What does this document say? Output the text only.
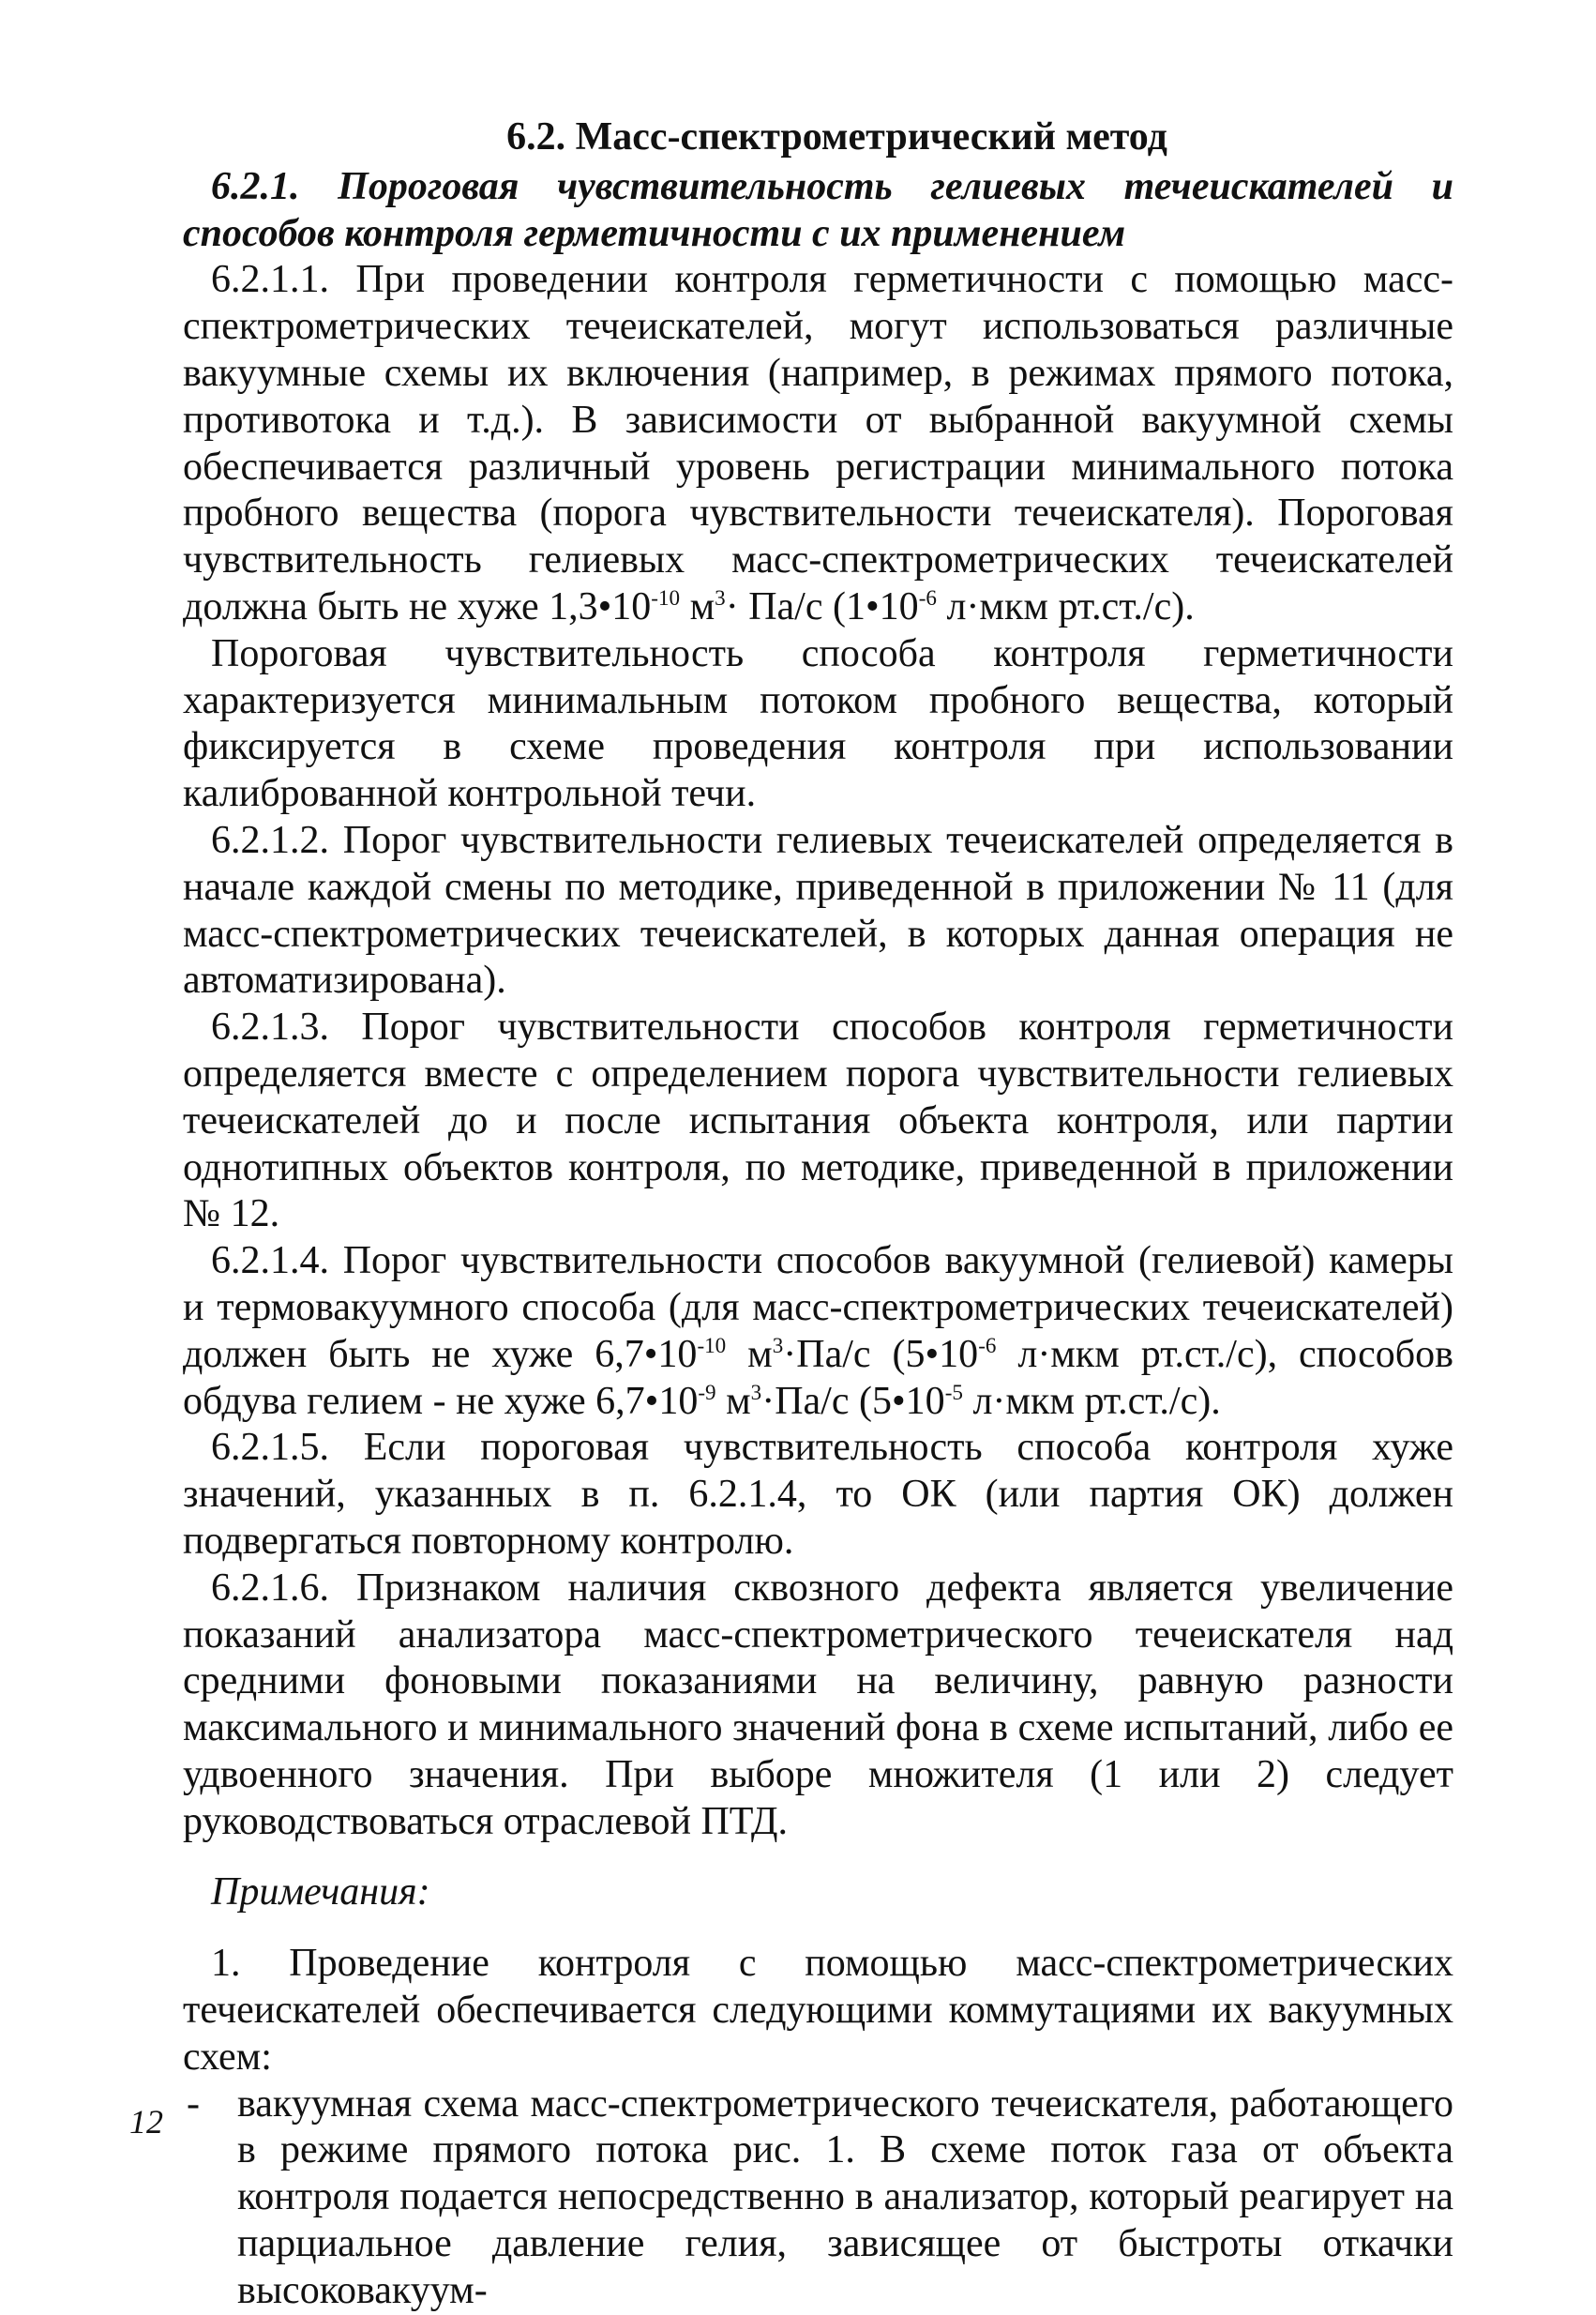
6.2. Масс-спектрометрический метод

6.2.1. Пороговая чувствительность гелиевых течеискателей и способов контроля герметичности с их применением

6.2.1.1. При проведении контроля герметичности с помощью масс-спектрометрических течеискателей, могут использоваться различные вакуумные схемы их включения (например, в режимах прямого потока, противотока и т.д.). В зависимости от выбранной вакуумной схемы обеспечивается различный уровень регистрации минимального потока пробного вещества (порога чувствительности течеискателя). Пороговая чувствительность гелиевых масс-спектрометрических течеискателей должна быть не хуже $1,3•10^{-10}$ $м^3\cdot Па/с$ ($1•10^{-6}$ л·мкм рт.ст./с).

Пороговая чувствительность способа контроля герметичности характеризуется минимальным потоком пробного вещества, который фиксируется в схеме проведения контроля при использовании калиброванной контрольной течи.

6.2.1.2. Порог чувствительности гелиевых течеискателей определяется в начале каждой смены по методике, приведенной в приложении № 11 (для масс-спектрометрических течеискателей, в которых данная операция не автоматизирована).

6.2.1.3. Порог чувствительности способов контроля герметичности определяется вместе с определением порога чувствительности гелиевых течеискателей до и после испытания объекта контроля, или партии однотипных объектов контроля, по методике, приведенной в приложении № 12.

6.2.1.4. Порог чувствительности способов вакуумной (гелиевой) камеры и термовакуумного способа (для масс-спектрометрических течеискателей) должен быть не хуже $6,7•10^{-10}$ $м^3\cdot Па/с$ ($5•10^{-6}$ л·мкм рт.ст./с), способов обдува гелием - не хуже $6,7•10^{-9}$ $м^3\cdot Па/с$ ($5•10^{-5}$ л·мкм рт.ст./с).

6.2.1.5. Если пороговая чувствительность способа контроля хуже значений, указанных в п. 6.2.1.4, то ОК (или партия ОК) должен подвергаться повторному контролю.

6.2.1.6. Признаком наличия сквозного дефекта является увеличение показаний анализатора масс-спектрометрического течеискателя над средними фоновыми показаниями на величину, равную разности максимального и минимального значений фона в схеме испытаний, либо ее удвоенного значения. При выборе множителя (1 или 2) следует руководствоваться отраслевой ПТД.

Примечания:

1. Проведение контроля с помощью масс-спектрометрических течеискателей обеспечивается следующими коммутациями их вакуумных схем:

- вакуумная схема масс-спектрометрического течеискателя, работающего в режиме прямого потока рис. 1. В схеме поток газа от объекта контроля подается непосредственно в анализатор, который реагирует на парциальное давление гелия, зависящее от быстроты откачки высоковакуум-

12
